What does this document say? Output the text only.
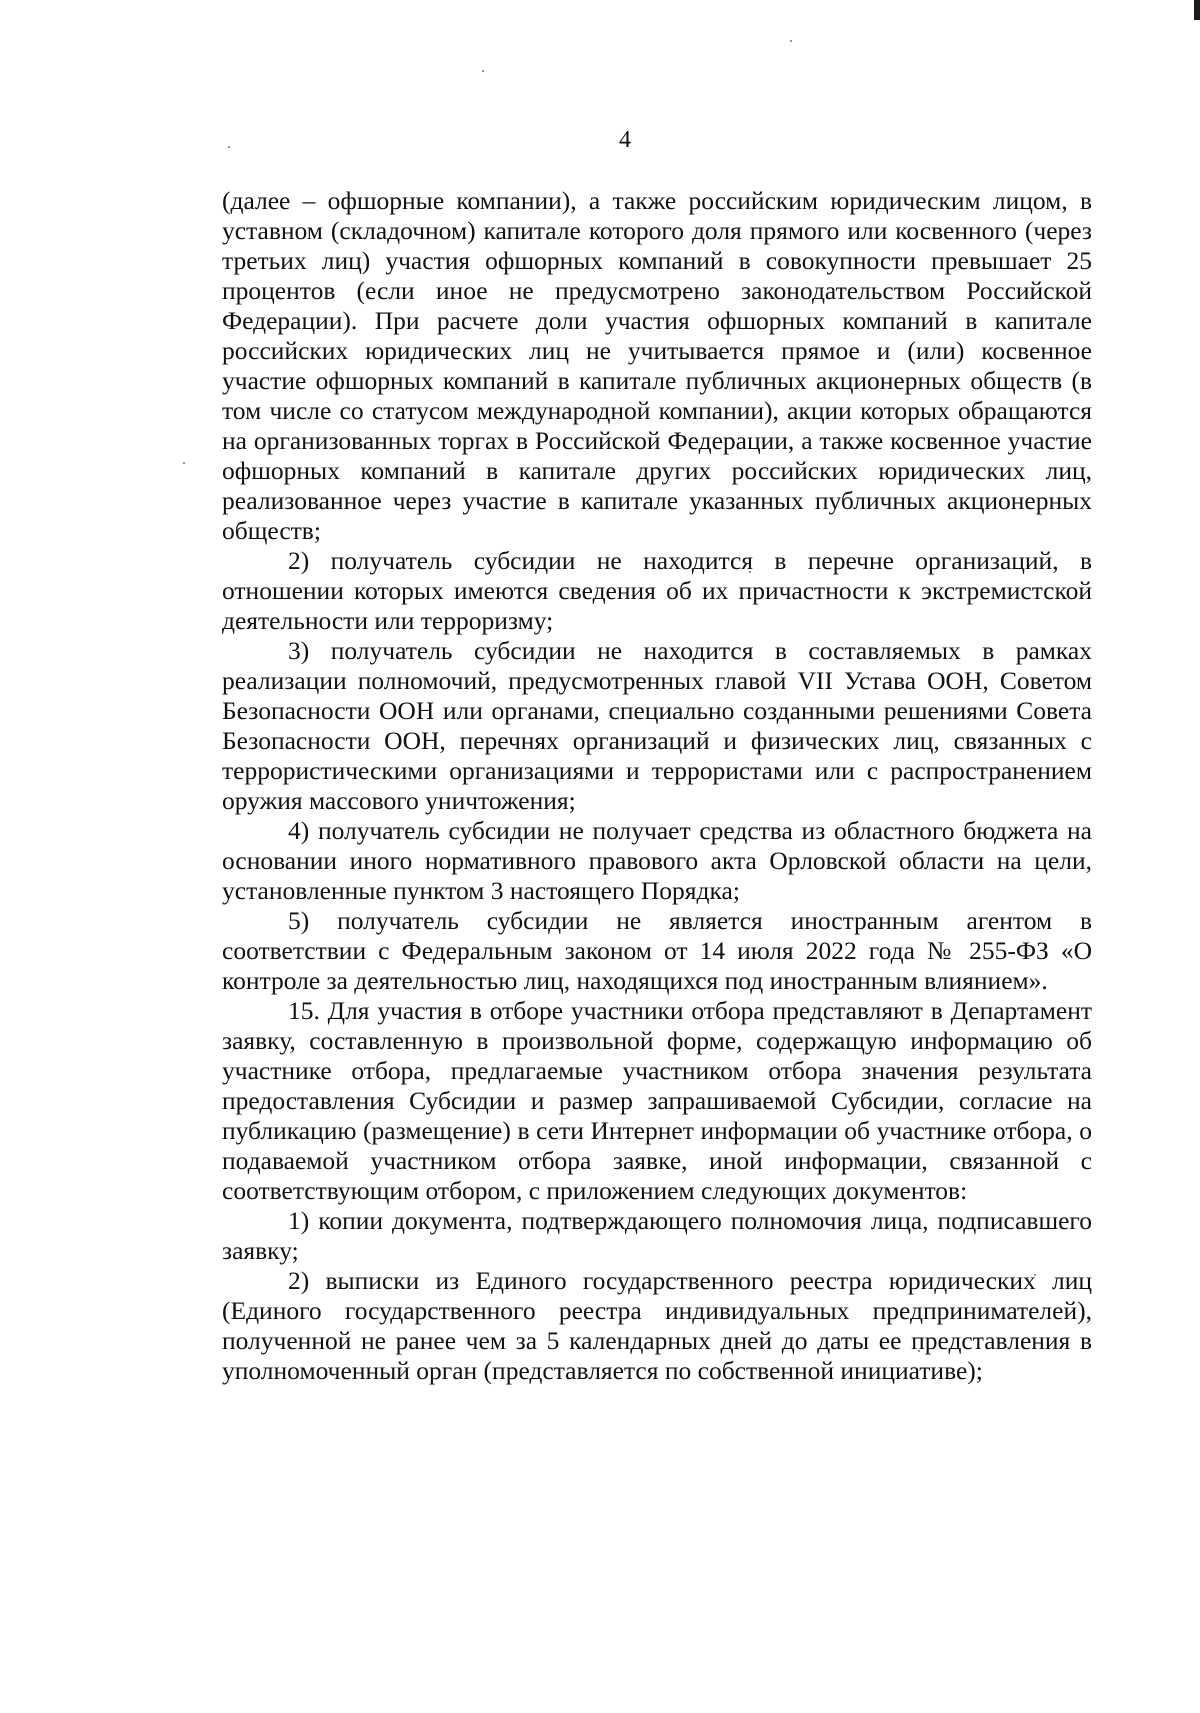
4

(далее – офшорные компании), а также российским юридическим лицом, в уставном (складочном) капитале которого доля прямого или косвенного (через третьих лиц) участия офшорных компаний в совокупности превышает 25 процентов (если иное не предусмотрено законодательством Российской Федерации). При расчете доли участия офшорных компаний в капитале российских юридических лиц не учитывается прямое и (или) косвенное участие офшорных компаний в капитале публичных акционерных обществ (в том числе со статусом международной компании), акции которых обращаются на организованных торгах в Российской Федерации, а также косвенное участие офшорных компаний в капитале других российских юридических лиц, реализованное через участие в капитале указанных публичных акционерных обществ;

2) получатель субсидии не находится в перечне организаций, в отношении которых имеются сведения об их причастности к экстремистской деятельности или терроризму;

3) получатель субсидии не находится в составляемых в рамках реализации полномочий, предусмотренных главой VII Устава ООН, Советом Безопасности ООН или органами, специально созданными решениями Совета Безопасности ООН, перечнях организаций и физических лиц, связанных с террористическими организациями и террористами или с распространением оружия массового уничтожения;

4) получатель субсидии не получает средства из областного бюджета на основании иного нормативного правового акта Орловской области на цели, установленные пунктом 3 настоящего Порядка;

5) получатель субсидии не является иностранным агентом в соответствии с Федеральным законом от 14 июля 2022 года № 255-ФЗ «О контроле за деятельностью лиц, находящихся под иностранным влиянием».

15. Для участия в отборе участники отбора представляют в Департамент заявку, составленную в произвольной форме, содержащую информацию об участнике отбора, предлагаемые участником отбора значения результата предоставления Субсидии и размер запрашиваемой Субсидии, согласие на публикацию (размещение) в сети Интернет информации об участнике отбора, о подаваемой участником отбора заявке, иной информации, связанной с соответствующим отбором, с приложением следующих документов:

1) копии документа, подтверждающего полномочия лица, подписавшего заявку;

2) выписки из Единого государственного реестра юридических лиц (Единого государственного реестра индивидуальных предпринимателей), полученной не ранее чем за 5 календарных дней до даты ее представления в уполномоченный орган (представляется по собственной инициативе);
